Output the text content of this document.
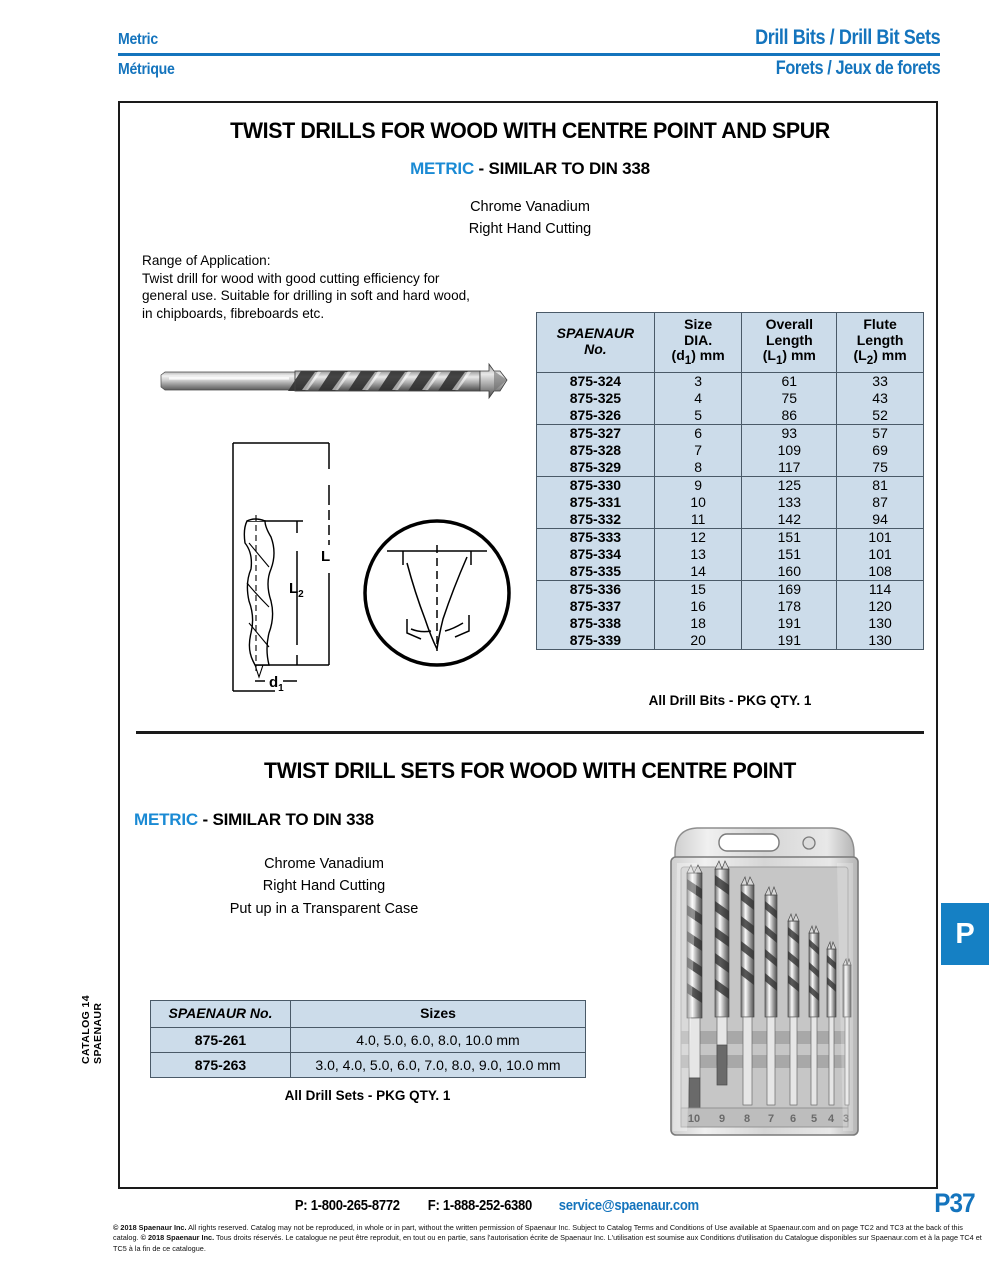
Metric	Drill Bits / Drill Bit Sets
Métrique	Forets / Jeux de forets
CATALOG 14 SPAENAUR
P
TWIST DRILLS FOR WOOD WITH CENTRE POINT AND SPUR
METRIC - SIMILAR TO DIN 338
Chrome Vanadium
Right Hand Cutting
Range of Application:
Twist drill for wood with good cutting efficiency for
general use. Suitable for drilling in soft and hard wood,
in chipboards, fibreboards etc.
L
$L_2$
$d_1$
SPAENAUR
No.

Size
DIA.
$(d_1)$ mm

Overall
Length
$(L_1)$ mm

Flute
Length
$(L_2)$ mm

875-324	3	61	33
875-325	4	75	43
875-326	5	86	52
875-327	6	93	57
875-328	7	109	69
875-329	8	117	75
875-330	9	125	81
875-331	10	133	87
875-332	11	142	94
875-333	12	151	101
875-334	13	151	101
875-335	14	160	108
875-336	15	169	114
875-337	16	178	120
875-338	18	191	130
875-339	20	191	130
All Drill Bits - PKG QTY. 1
TWIST DRILL SETS FOR WOOD WITH CENTRE POINT
METRIC - SIMILAR TO DIN 338
Chrome Vanadium
Right Hand Cutting
Put up in a Transparent Case
10 9 8 7 6 5 4 3
SPAENAUR No.	Sizes
875-261	4.0, 5.0, 6.0, 8.0, 10.0 mm
875-263	3.0, 4.0, 5.0, 6.0, 7.0, 8.0, 9.0, 10.0 mm
All Drill Sets - PKG QTY. 1
P: 1-800-265-8772 F: 1-888-252-6380 service@spaenaur.com	P37
© 2018 Spaenaur Inc. All rights reserved. Catalog may not be reproduced, in whole or in part, without the written permission of Spaenaur Inc. Subject to Catalog Terms and Conditions of Use available at Spaenaur.com and on page TC2 and TC3 at the back of this catalog. © 2018 Spaenaur Inc. Tous droits réservés. Le catalogue ne peut être reproduit, en tout ou en partie, sans l'autorisation écrite de Spaenaur Inc. L'utilisation est soumise aux Conditions d'utilisation du Catalogue disponibles sur Spaenaur.com et à la page TC4 et TC5 à la fin de ce catalogue.
